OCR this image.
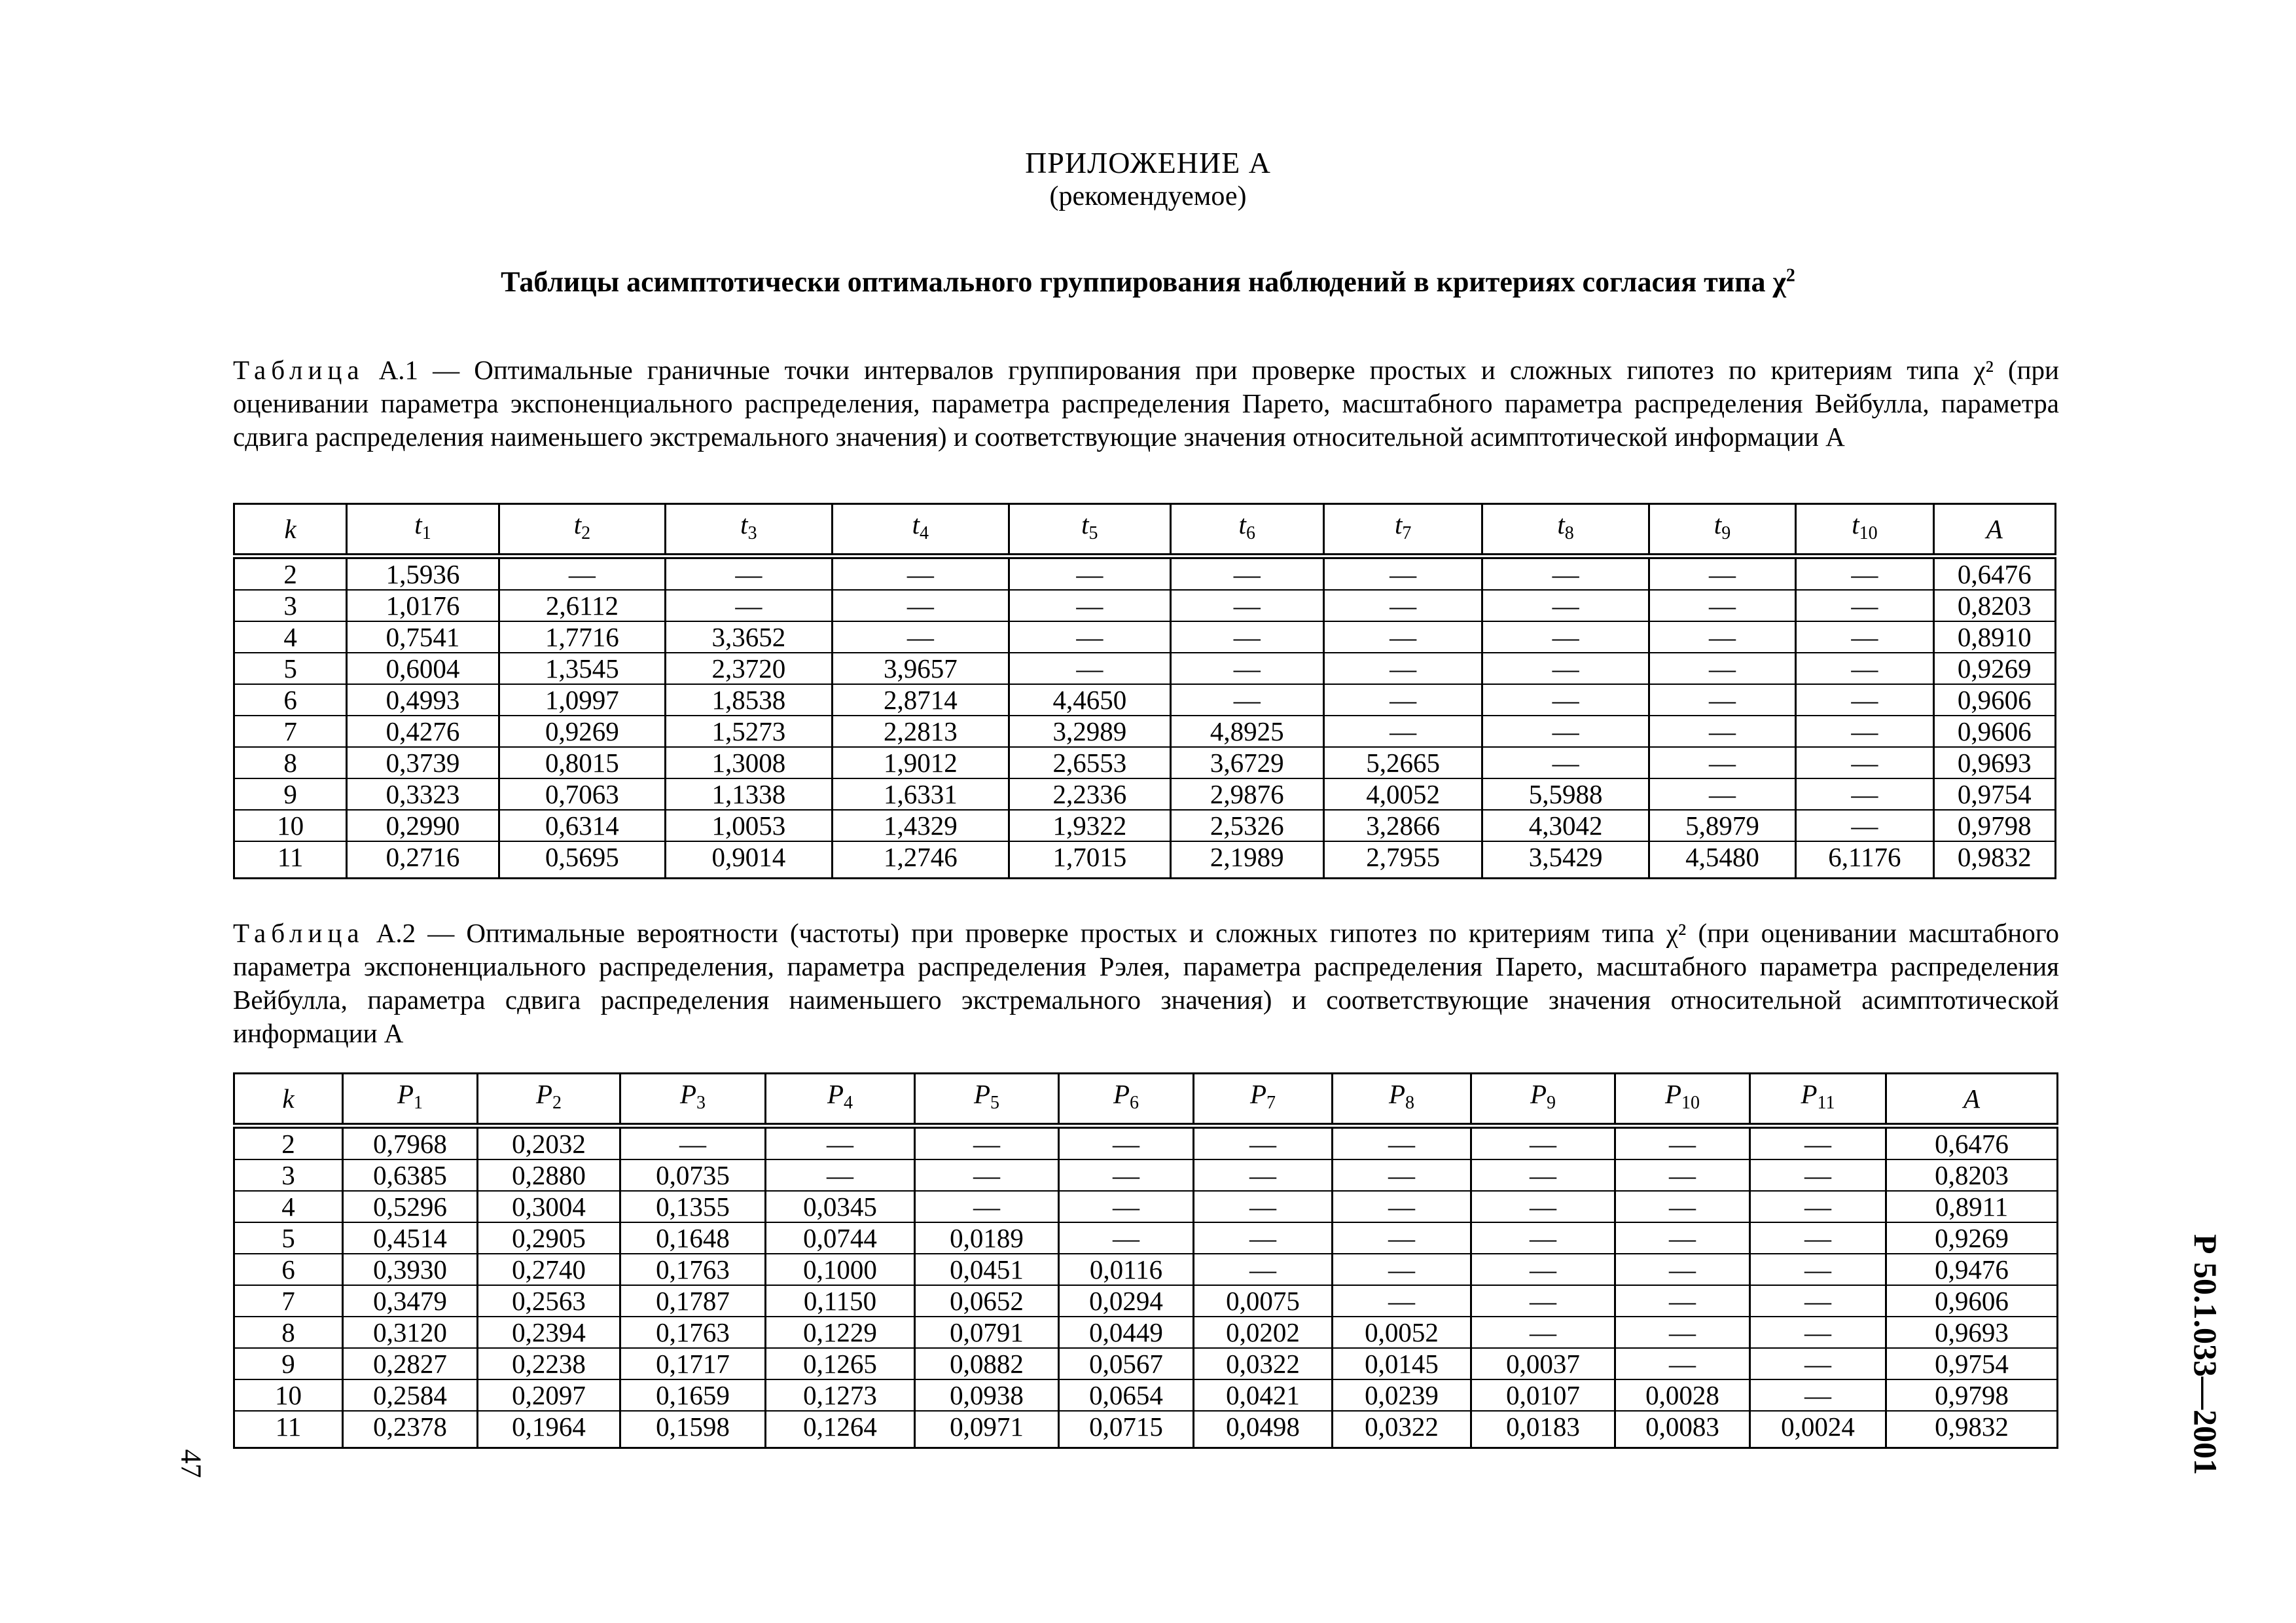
ПРИЛОЖЕНИЕ А
(рекомендуемое)
Таблицы асимптотически оптимального группирования наблюдений в критериях согласия типа $\chi^2$
Таблица А.1 — Оптимальные граничные точки интервалов группирования при проверке простых и сложных гипотез по критериям типа χ² (при оценивании параметра экспоненциального распределения, параметра распределения Парето, масштабного параметра распределения Вейбулла, параметра сдвига распределения наименьшего экстремального значения) и соответствующие значения относительной асимптотической информации A
k	t1	t2	t3	t4	t5	t6	t7	t8	t9	t10	A
2	1,5936	—	—	—	—	—	—	—	—	—	0,6476
3	1,0176	2,6112	—	—	—	—	—	—	—	—	0,8203
4	0,7541	1,7716	3,3652	—	—	—	—	—	—	—	0,8910
5	0,6004	1,3545	2,3720	3,9657	—	—	—	—	—	—	0,9269
6	0,4993	1,0997	1,8538	2,8714	4,4650	—	—	—	—	—	0,9606
7	0,4276	0,9269	1,5273	2,2813	3,2989	4,8925	—	—	—	—	0,9606
8	0,3739	0,8015	1,3008	1,9012	2,6553	3,6729	5,2665	—	—	—	0,9693
9	0,3323	0,7063	1,1338	1,6331	2,2336	2,9876	4,0052	5,5988	—	—	0,9754
10	0,2990	0,6314	1,0053	1,4329	1,9322	2,5326	3,2866	4,3042	5,8979	—	0,9798
11	0,2716	0,5695	0,9014	1,2746	1,7015	2,1989	2,7955	3,5429	4,5480	6,1176	0,9832
Таблица А.2 — Оптимальные вероятности (частоты) при проверке простых и сложных гипотез по критериям типа χ² (при оценивании масштабного параметра экспоненциального распределения, параметра распределения Рэлея, параметра распределения Парето, масштабного параметра распределения Вейбулла, параметра сдвига распределения наименьшего экстремального значения) и соответствующие значения относительной асимптотической информации A
k	P1	P2	P3	P4	P5	P6	P7	P8	P9	P10	P11	A
2	0,7968	0,2032	—	—	—	—	—	—	—	—	—	0,6476
3	0,6385	0,2880	0,0735	—	—	—	—	—	—	—	—	0,8203
4	0,5296	0,3004	0,1355	0,0345	—	—	—	—	—	—	—	0,8911
5	0,4514	0,2905	0,1648	0,0744	0,0189	—	—	—	—	—	—	0,9269
6	0,3930	0,2740	0,1763	0,1000	0,0451	0,0116	—	—	—	—	—	0,9476
7	0,3479	0,2563	0,1787	0,1150	0,0652	0,0294	0,0075	—	—	—	—	0,9606
8	0,3120	0,2394	0,1763	0,1229	0,0791	0,0449	0,0202	0,0052	—	—	—	0,9693
9	0,2827	0,2238	0,1717	0,1265	0,0882	0,0567	0,0322	0,0145	0,0037	—	—	0,9754
10	0,2584	0,2097	0,1659	0,1273	0,0938	0,0654	0,0421	0,0239	0,0107	0,0028	—	0,9798
11	0,2378	0,1964	0,1598	0,1264	0,0971	0,0715	0,0498	0,0322	0,0183	0,0083	0,0024	0,9832
47	Р 50.1.033—2001
